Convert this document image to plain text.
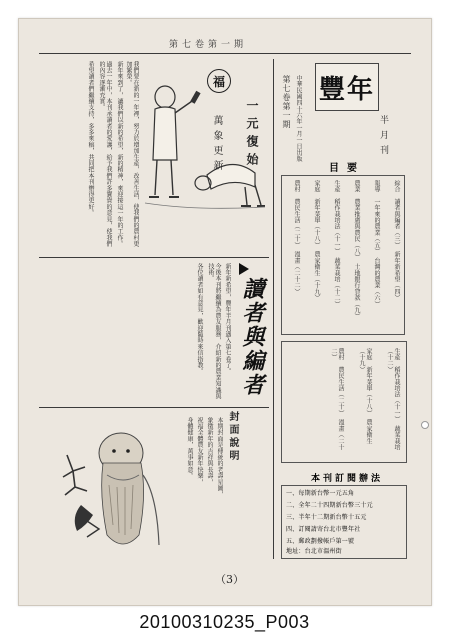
第七卷第一期
我們要在新的一年裡，努力於增加生產，改善生活，使我們的農村更加繁榮。
新年來到了，讓我們以新的希望，新的精神，來迎接這一年的工作。
過去一年中，本刊承讀者的愛護，給予我們許多寶貴的意見，使我們的內容逐漸充實。
希望讀者們繼續支持，多多來稿，共同把本刊辦得更好。	福
一元復始
萬象更新
新年新希望，豐年半月刊邁入第七卷了。
今後本刊將繼續為農友服務，介紹新的農業知識與技術。
各位讀者如有意見，歡迎隨時來信指教。 讀者與編者
封面說明
本期封面是傳統的老壽星圖，
象徵新年的吉祥與長壽，
祝福全體農友新年快樂，
身體健康，萬事如意。
第七卷第一期 中華民國四十六年一月一日出版	半月刊
豐年
目要
綜合　讀者與編者（三）　新年新希望（四）
報導　一年來的農業（五）　台灣的農業（六）
農業　農業推廣與農民（八）　土地銀行貸款（九）
生產　稻作栽培法（十一）　蔬菜栽培（十二）
家庭　新年菜單（十八）　農家衛生（十九）
農村　農民生活（二十）　漫畫（二十二）
生產　稻作栽培法（十一）　蔬菜栽培（十二）
家庭　新年菜單（十八）　農家衛生（十九）
農村　農民生活（二十）　漫畫（二十二）
本刊訂閱辦法
一、每期新台幣一元五角
二、全年二十四期新台幣三十元
三、半年十二期新台幣十五元
四、訂閱請寄台北市豐年社
五、郵政劃撥帳戶第一號
地址：台北市溫州街
（3）
20100310235_P003
